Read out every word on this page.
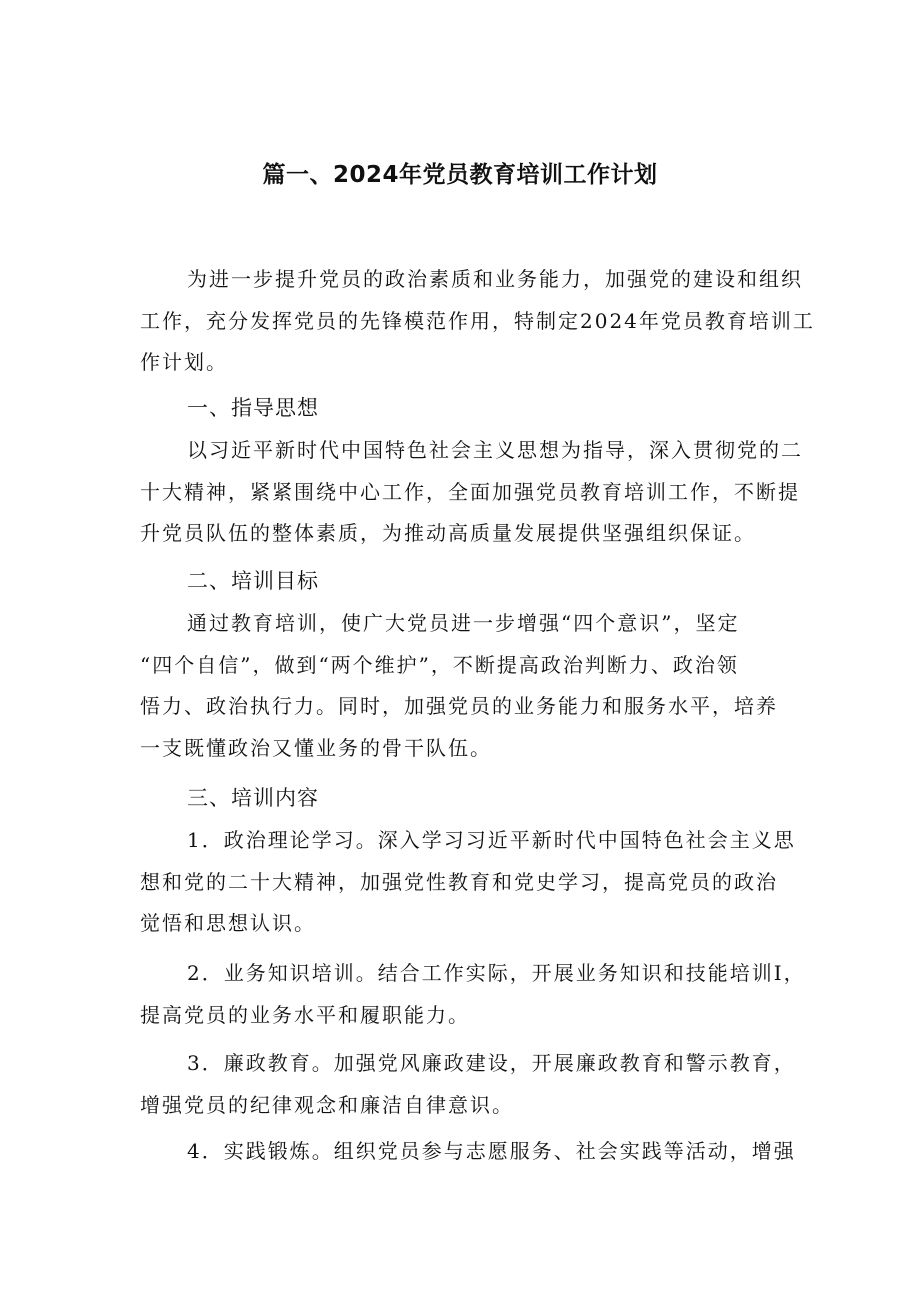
篇一、2024年党员教育培训工作计划

为进一步提升党员的政治素质和业务能力，加强党的建设和组织
工作，充分发挥党员的先锋模范作用，特制定2024年党员教育培训工
作计划。

一、指导思想

以习近平新时代中国特色社会主义思想为指导，深入贯彻党的二
十大精神，紧紧围绕中心工作，全面加强党员教育培训工作，不断提
升党员队伍的整体素质，为推动高质量发展提供坚强组织保证。

二、培训目标

通过教育培训，使广大党员进一步增强“四个意识”，坚定
“四个自信”，做到“两个维护”，不断提高政治判断力、政治领
悟力、政治执行力。同时，加强党员的业务能力和服务水平，培养
一支既懂政治又懂业务的骨干队伍。

三、培训内容

1．政治理论学习。深入学习习近平新时代中国特色社会主义思
想和党的二十大精神，加强党性教育和党史学习，提高党员的政治
觉悟和思想认识。

2．业务知识培训。结合工作实际，开展业务知识和技能培训I，
提高党员的业务水平和履职能力。

3．廉政教育。加强党风廉政建设，开展廉政教育和警示教育，
增强党员的纪律观念和廉洁自律意识。

4．实践锻炼。组织党员参与志愿服务、社会实践等活动，增强
